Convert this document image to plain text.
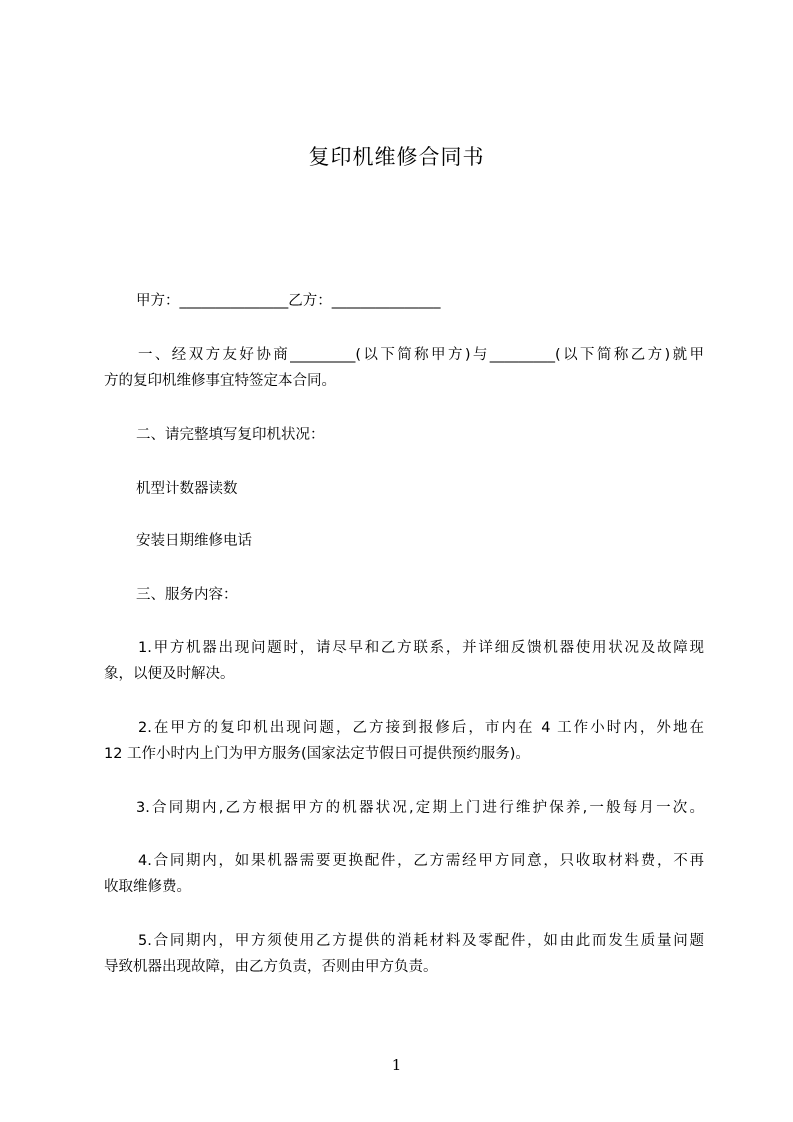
复印机维修合同书
甲方：_______________乙方：_______________
一、经双方友好协商_________(以下简称甲方)与_________(以下简称乙方)就甲
方的复印机维修事宜特签定本合同。
二、请完整填写复印机状况：
机型计数器读数
安装日期维修电话
三、服务内容：
1.甲方机器出现问题时，请尽早和乙方联系，并详细反馈机器使用状况及故障现
象，以便及时解决。
2.在甲方的复印机出现问题，乙方接到报修后，市内在 4 工作小时内，外地在
12 工作小时内上门为甲方服务(国家法定节假日可提供预约服务)。
3.合同期内,乙方根据甲方的机器状况,定期上门进行维护保养,一般每月一次。
4.合同期内，如果机器需要更换配件，乙方需经甲方同意，只收取材料费，不再
收取维修费。
5.合同期内，甲方须使用乙方提供的消耗材料及零配件，如由此而发生质量问题
导致机器出现故障，由乙方负责，否则由甲方负责。
1
